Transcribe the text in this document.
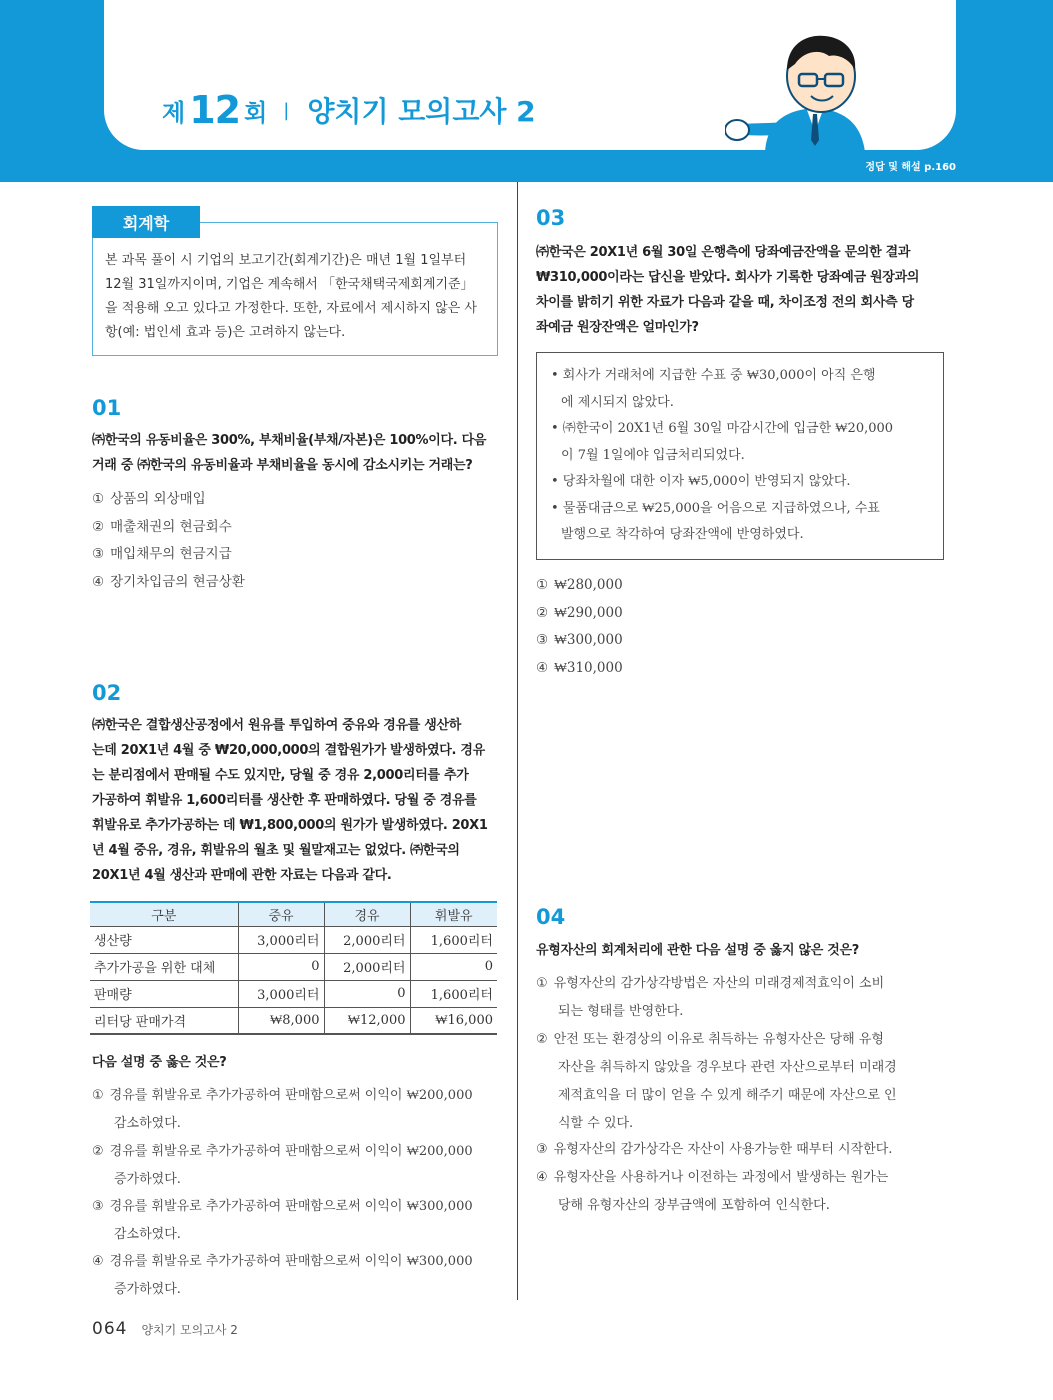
제 12 회 | 양치기 모의고사 2
정답 및 해설 p.160
본 과목 풀이 시 기업의 보고기간(회계기간)은 매년 1월 1일부터
12월 31일까지이며, 기업은 계속해서 「한국채택국제회계기준」
을 적용해 오고 있다고 가정한다. 또한, 자료에서 제시하지 않은 사
항(예: 법인세 효과 등)은 고려하지 않는다.
회계학
01
㈜한국의 유동비율은 300%, 부채비율(부채/자본)은 100%이다. 다음
거래 중 ㈜한국의 유동비율과 부채비율을 동시에 감소시키는 거래는?
① 상품의 외상매입
② 매출채권의 현금회수
③ 매입채무의 현금지급
④ 장기차입금의 현금상환
02
㈜한국은 결합생산공정에서 원유를 투입하여 중유와 경유를 생산하
는데 20X1년 4월 중 ₩20,000,000의 결합원가가 발생하였다. 경유
는 분리점에서 판매될 수도 있지만, 당월 중 경유 2,000리터를 추가
가공하여 휘발유 1,600리터를 생산한 후 판매하였다. 당월 중 경유를
휘발유로 추가가공하는 데 ₩1,800,000의 원가가 발생하였다. 20X1
년 4월 중유, 경유, 휘발유의 월초 및 월말재고는 없었다. ㈜한국의
20X1년 4월 생산과 판매에 관한 자료는 다음과 같다.
구분	중유	경유	휘발유
생산량	3,000리터	2,000리터	1,600리터
추가가공을 위한 대체	0	2,000리터	0
판매량	3,000리터	0	1,600리터
리터당 판매가격	₩8,000	₩12,000	₩16,000
다음 설명 중 옳은 것은?
① 경유를 휘발유로 추가가공하여 판매함으로써 이익이 ₩200,000
감소하였다.
② 경유를 휘발유로 추가가공하여 판매함으로써 이익이 ₩200,000
증가하였다.
③ 경유를 휘발유로 추가가공하여 판매함으로써 이익이 ₩300,000
감소하였다.
④ 경유를 휘발유로 추가가공하여 판매함으로써 이익이 ₩300,000
증가하였다.
03
㈜한국은 20X1년 6월 30일 은행측에 당좌예금잔액을 문의한 결과
₩310,000이라는 답신을 받았다. 회사가 기록한 당좌예금 원장과의
차이를 밝히기 위한 자료가 다음과 같을 때, 차이조정 전의 회사측 당
좌예금 원장잔액은 얼마인가?
• 회사가 거래처에 지급한 수표 중 ₩30,000이 아직 은행
에 제시되지 않았다.
• ㈜한국이 20X1년 6월 30일 마감시간에 입금한 ₩20,000
이 7월 1일에야 입금처리되었다.
• 당좌차월에 대한 이자 ₩5,000이 반영되지 않았다.
• 물품대금으로 ₩25,000을 어음으로 지급하였으나, 수표
발행으로 착각하여 당좌잔액에 반영하였다.
① ₩280,000
② ₩290,000
③ ₩300,000
④ ₩310,000
04
유형자산의 회계처리에 관한 다음 설명 중 옳지 않은 것은?
① 유형자산의 감가상각방법은 자산의 미래경제적효익이 소비
되는 형태를 반영한다.
② 안전 또는 환경상의 이유로 취득하는 유형자산은 당해 유형
자산을 취득하지 않았을 경우보다 관련 자산으로부터 미래경
제적효익을 더 많이 얻을 수 있게 해주기 때문에 자산으로 인
식할 수 있다.
③ 유형자산의 감가상각은 자산이 사용가능한 때부터 시작한다.
④ 유형자산을 사용하거나 이전하는 과정에서 발생하는 원가는
당해 유형자산의 장부금액에 포함하여 인식한다.
064 양치기 모의고사 2
